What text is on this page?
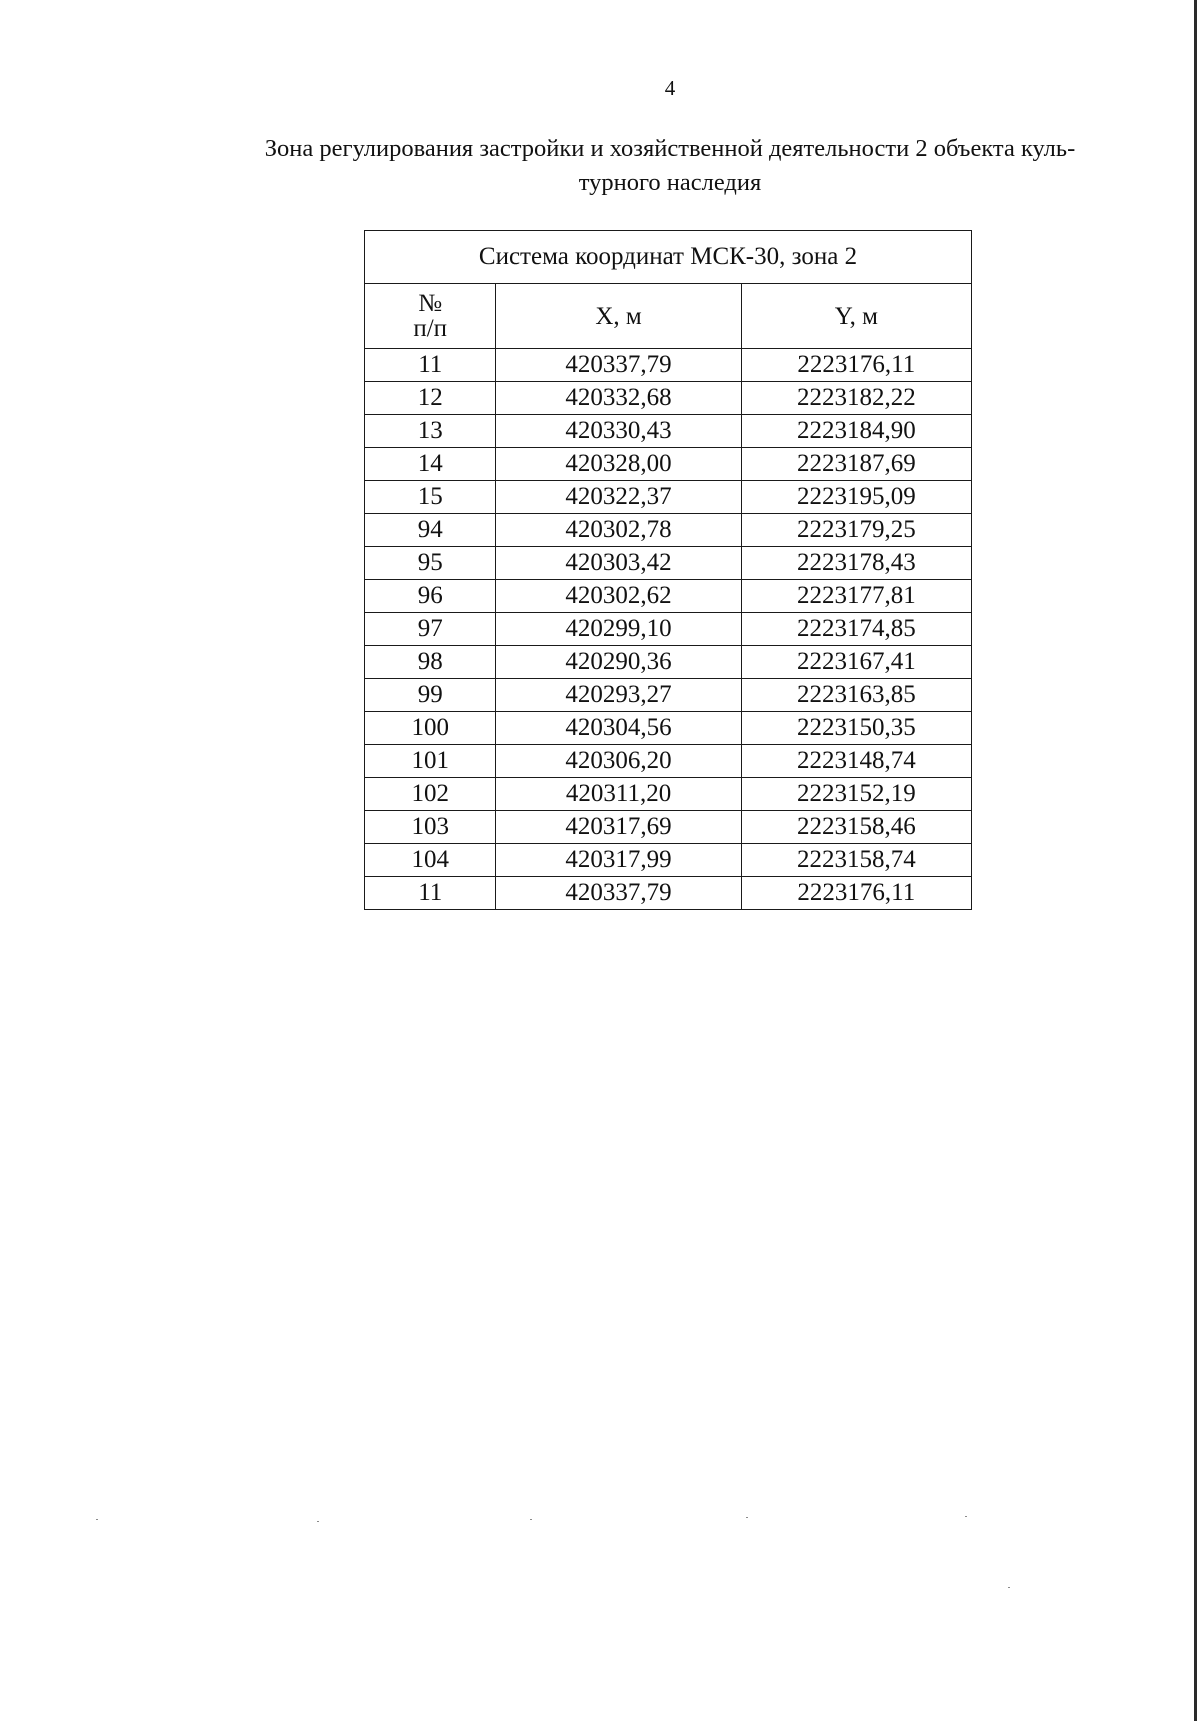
4
Зона регулирования застройки и хозяйственной деятельности 2 объекта куль-
турного наследия
Система координат МСК-30, зона 2		
№
п/п	X, м	Y, м
11	420337,79	2223176,11
12	420332,68	2223182,22
13	420330,43	2223184,90
14	420328,00	2223187,69
15	420322,37	2223195,09
94	420302,78	2223179,25
95	420303,42	2223178,43
96	420302,62	2223177,81
97	420299,10	2223174,85
98	420290,36	2223167,41
99	420293,27	2223163,85
100	420304,56	2223150,35
101	420306,20	2223148,74
102	420311,20	2223152,19
103	420317,69	2223158,46
104	420317,99	2223158,74
11	420337,79	2223176,11
